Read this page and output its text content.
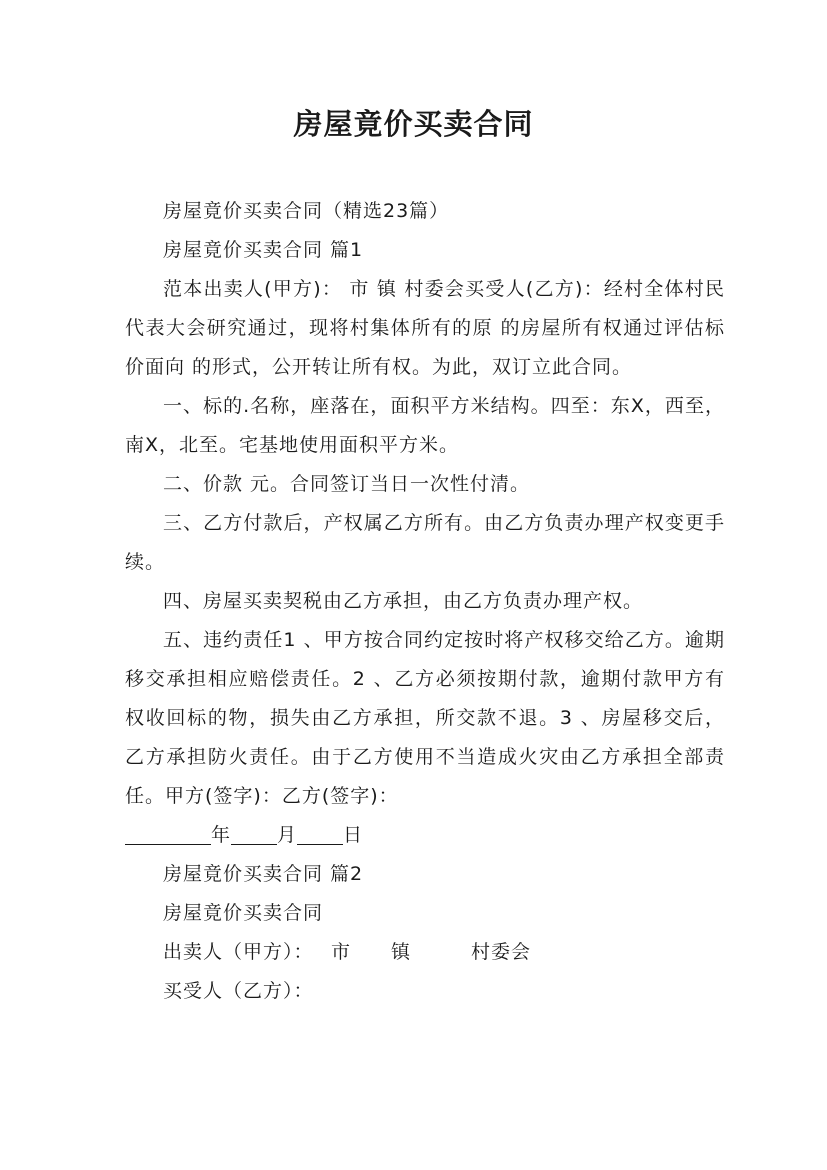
房屋竟价买卖合同

房屋竟价买卖合同（精选23篇）

房屋竟价买卖合同 篇1

范本出卖人(甲方)： 市 镇 村委会买受人(乙方)：经村全体村民代表大会研究通过，现将村集体所有的原 的房屋所有权通过评估标价面向 的形式，公开转让所有权。为此，双订立此合同。

一、标的.名称，座落在，面积平方米结构。四至：东X，西至，南X，北至。宅基地使用面积平方米。

二、价款 元。合同签订当日一次性付清。

三、乙方付款后，产权属乙方所有。由乙方负责办理产权变更手续。

四、房屋买卖契税由乙方承担，由乙方负责办理产权。

五、违约责任1 、甲方按合同约定按时将产权移交给乙方。逾期移交承担相应赔偿责任。2 、乙方必须按期付款，逾期付款甲方有权收回标的物，损失由乙方承担，所交款不退。3 、房屋移交后，乙方承担防火责任。由于乙方使用不当造成火灾由乙方承担全部责任。甲方(签字)：乙方(签字)：

年 月 日

房屋竟价买卖合同 篇2

房屋竟价买卖合同

出卖人（甲方）：　 市　　镇　　　村委会

买受人（乙方）：
